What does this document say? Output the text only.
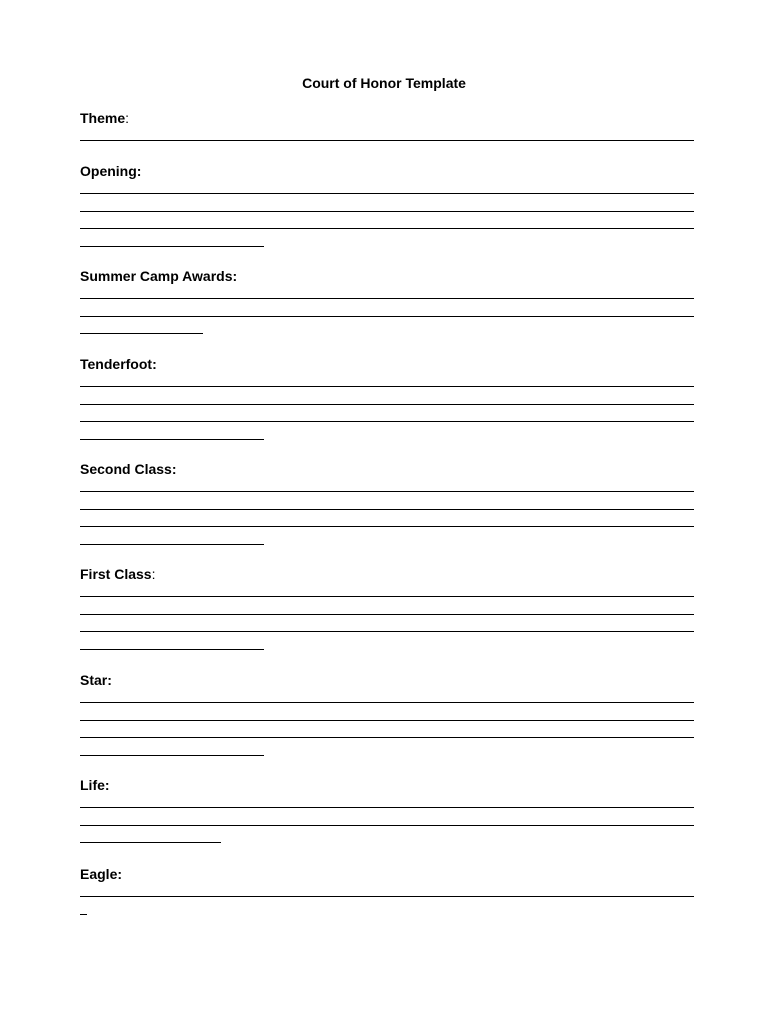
Court of Honor Template
Theme:
Opening:
Summer Camp Awards:
Tenderfoot:
Second Class:
First Class:
Star:
Life:
Eagle:
